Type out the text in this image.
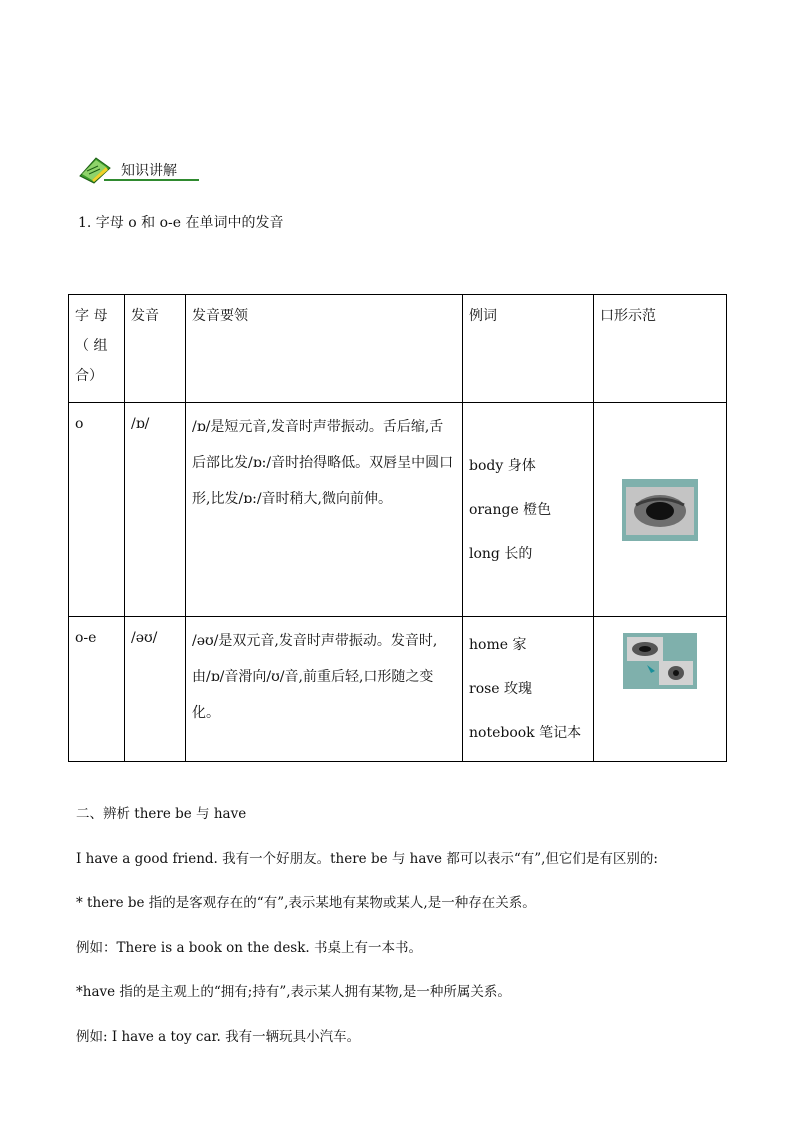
知识讲解
1. 字母 o 和 o-e 在单词中的发音
字 母（ 组合）	发音	发音要领	例词	口形示范
o	/ɒ/	/ɒ/是短元音,发音时声带振动。舌后缩,舌后部比发/ɒ:/音时抬得略低。双唇呈中圆口形,比发/ɒ:/音时稍大,微向前伸。	body 身体
orange 橙色
long 长的

o-e	/əʊ/	/əʊ/是双元音,发音时声带振动。发音时,由/ɒ/音滑向/ʊ/音,前重后轻,口形随之变化。	home 家
rose 玫瑰
notebook 笔记本

二、辨析 there be 与 have
I have a good friend. 我有一个好朋友。there be 与 have 都可以表示“有”,但它们是有区别的:
* there be 指的是客观存在的“有”,表示某地有某物或某人,是一种存在关系。
例如：There is a book on the desk. 书桌上有一本书。
*have 指的是主观上的“拥有;持有”,表示某人拥有某物,是一种所属关系。
例如: I have a toy car. 我有一辆玩具小汽车。
